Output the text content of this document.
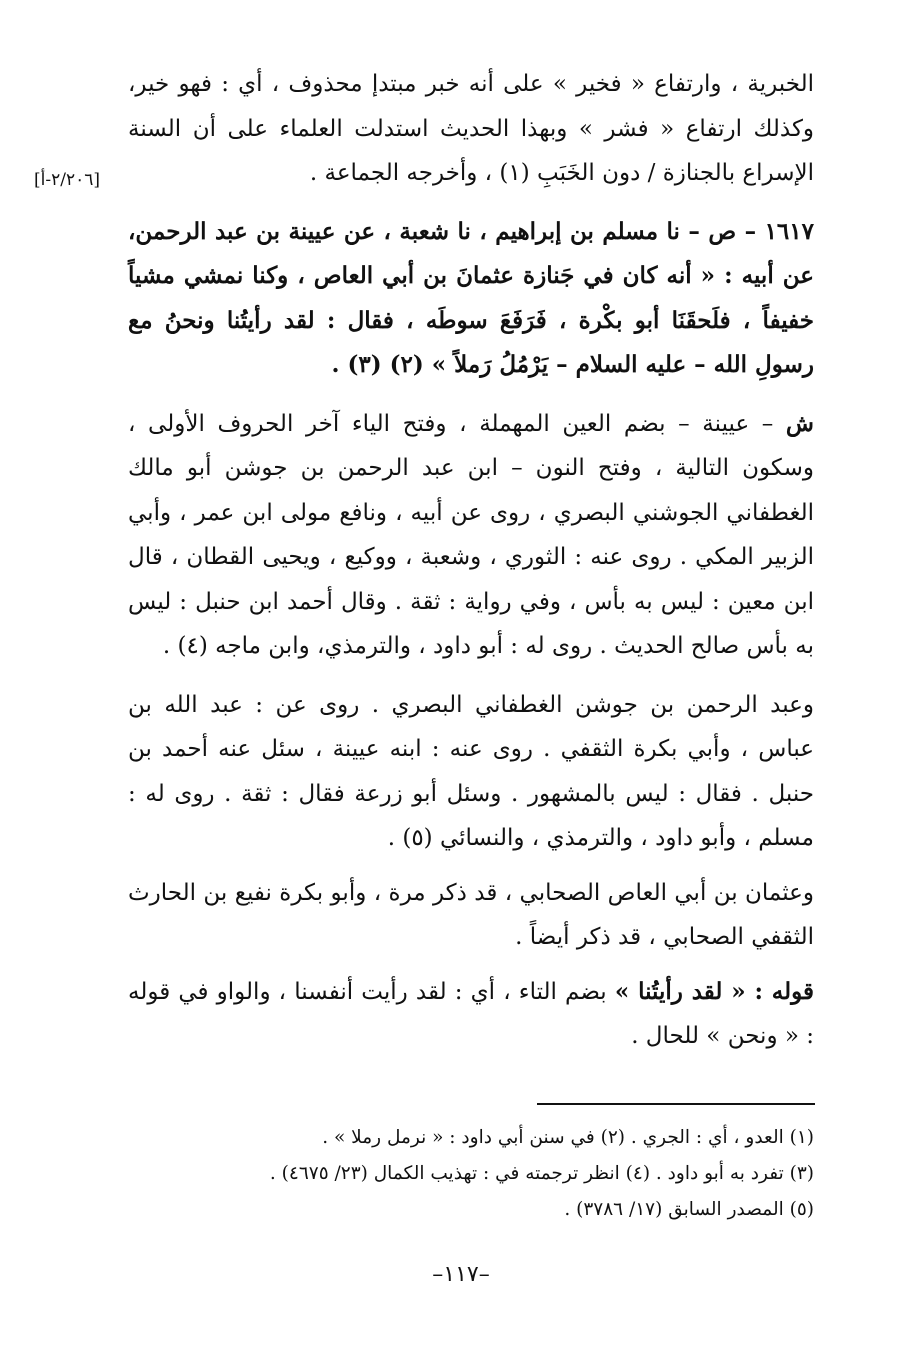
[٢/٢٠٦-أ]

الخبرية ، وارتفاع « فخير » على أنه خبر مبتدإ محذوف ، أي : فهو خير، وكذلك ارتفاع « فشر » وبهذا الحديث استدلت العلماء على أن السنة الإسراع بالجنازة / دون الخَبَبِ (١) ، وأخرجه الجماعة .

١٦١٧ – ص – نا مسلم بن إبراهيم ، نا شعبة ، عن عيينة بن عبد الرحمن، عن أبيه : « أنه كان في جَنازة عثمانَ بن أبي العاص ، وكنا نمشي مشياً خفيفاً ، فلَحقَنَا أبو بكْرة ، فَرَفَعَ سوطَه ، فقال : لقد رأيتُنا ونحنُ مع رسولِ الله – عليه السلام – يَرْمُلُ رَملاً » (٢) (٣) .

ش – عيينة – بضم العين المهملة ، وفتح الياء آخر الحروف الأولى ، وسكون التالية ، وفتح النون – ابن عبد الرحمن بن جوشن أبو مالك الغطفاني الجوشني البصري ، روى عن أبيه ، ونافع مولى ابن عمر ، وأبي الزبير المكي . روى عنه : الثوري ، وشعبة ، ووكيع ، ويحيى القطان ، قال ابن معين : ليس به بأس ، وفي رواية : ثقة . وقال أحمد ابن حنبل : ليس به بأس صالح الحديث . روى له : أبو داود ، والترمذي، وابن ماجه (٤) .

وعبد الرحمن بن جوشن الغطفاني البصري . روى عن : عبد الله بن عباس ، وأبي بكرة الثقفي . روى عنه : ابنه عيينة ، سئل عنه أحمد بن حنبل . فقال : ليس بالمشهور . وسئل أبو زرعة فقال : ثقة . روى له : مسلم ، وأبو داود ، والترمذي ، والنسائي (٥) .

وعثمان بن أبي العاص الصحابي ، قد ذكر مرة ، وأبو بكرة نفيع بن الحارث الثقفي الصحابي ، قد ذكر أيضاً .

قوله : « لقد رأيتُنا » بضم التاء ، أي : لقد رأيت أنفسنا ، والواو في قوله : « ونحن » للحال .

(١) العدو ، أي : الجري . (٢) في سنن أبي داود : « نرمل رملا » .

(٣) تفرد به أبو داود . (٤) انظر ترجمته في : تهذيب الكمال (٢٣/ ٤٦٧٥) .

(٥) المصدر السابق (١٧/ ٣٧٨٦) .

–١١٧–
